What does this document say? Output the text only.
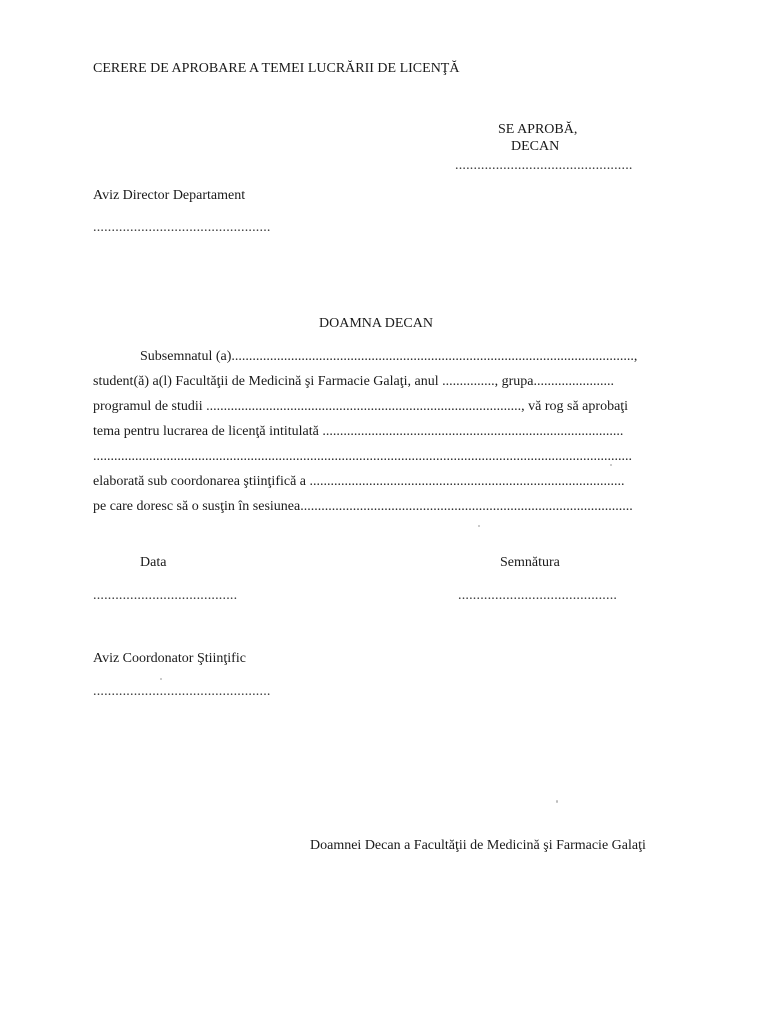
CERERE DE APROBARE A TEMEI LUCRĂRII DE LICENŢĂ
SE APROBĂ,
DECAN
................................................
Aviz Director Departament
................................................
DOAMNA DECAN
Subsemnatul (a)...................................................................................................................,
student(ă) a(l) Facultăţii de Medicină şi Farmacie Galaţi, anul ..............., grupa.......................
programul de studii .........................................................................................., vă rog să aprobaţi
tema pentru lucrarea de licenţă intitulată ......................................................................................
..........................................................................................................................................................
elaborată sub coordonarea ştiinţifică a ..........................................................................................
pe care doresc să o susţin în sesiunea...............................................................................................
Data	Semnătura
.......................................	...........................................
Aviz Coordonator Ştiinţific
................................................
Doamnei Decan a Facultăţii de Medicină şi Farmacie Galaţi
